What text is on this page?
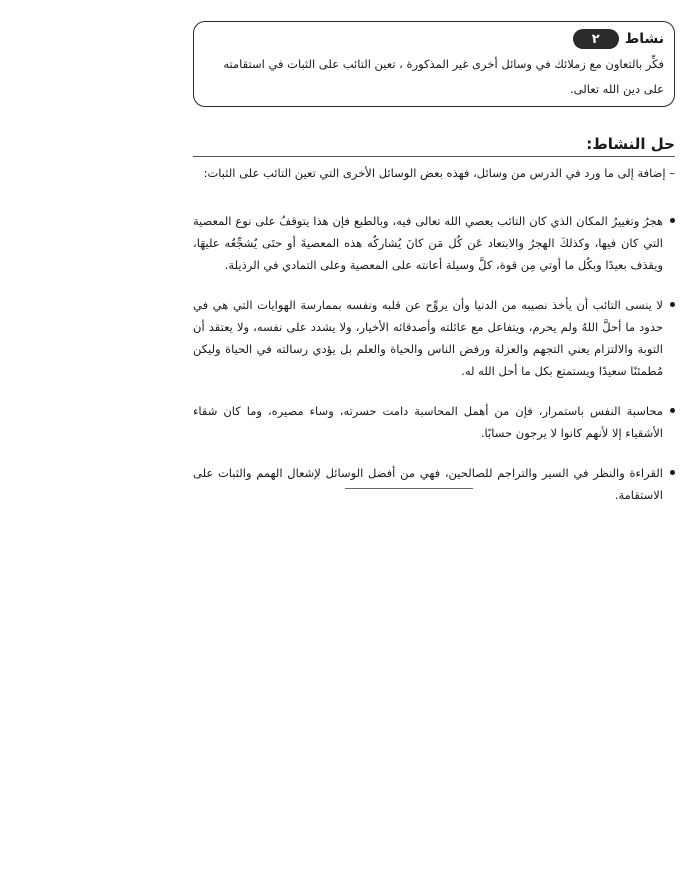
نشاط
٢

فكِّر بالتعاون مع زملائك في وسائل أخرى غير المذكورة ، تعين التائب على الثبات في استقامته على دين الله تعالى.

حل النشاط:

– إضافة إلى ما ورد في الدرس من وسائل، فهذه بعض الوسائل الأخرى التي تعين التائب على الثبات:

هجرُ وتغييرُ المكان الذي كان التائب يعصي الله تعالى فيه، وبالطبع فإن هذا يتوقفُ على نوع المعصية التي كان فيها، وكذلكَ الهجرُ والابتعاد عَن كُل مَن كانَ يُشاركُه هذه المعصيةَ أو حتَى يُشجِّعُه عليهَا، ويقذف بعيدًا وبكُل ما أوتي مِن قوة، كلَّ وسيلة أعانته على المعصية وعلى التمادي في الرذيلة.
لا ينسى التائب أن يأخذ نصيبه من الدنيا وأن يروِّح عن قلبه ونفسه بممارسة الهوايات التي هي في حدود ما أحلَّ اللهُ ولم يحرم، ويتفاعل مع عائلته وأصدقائه الأخيار، ولا يشدد على نفسه، ولا يعتقد أن التوبة والالتزام يعني التجهم والعزلة ورفض الناس والحياة والعلم بل يؤدي رسالته في الحياة وليكن مُطمئنًا سعيدًا ويستمتع بكل ما أحل الله له.
محاسبة النفس باستمرار، فإن من أهمل المحاسبة دامت حسرته، وساء مصيره، وما كان شقاء الأشقياء إلا لأنهم كانوا لا يرجون حسابًا.
القراءة والنظر في السير والتراجم للصالحين، فهي من أفضل الوسائل لإشعال الهمم والثبات على الاستقامة.
